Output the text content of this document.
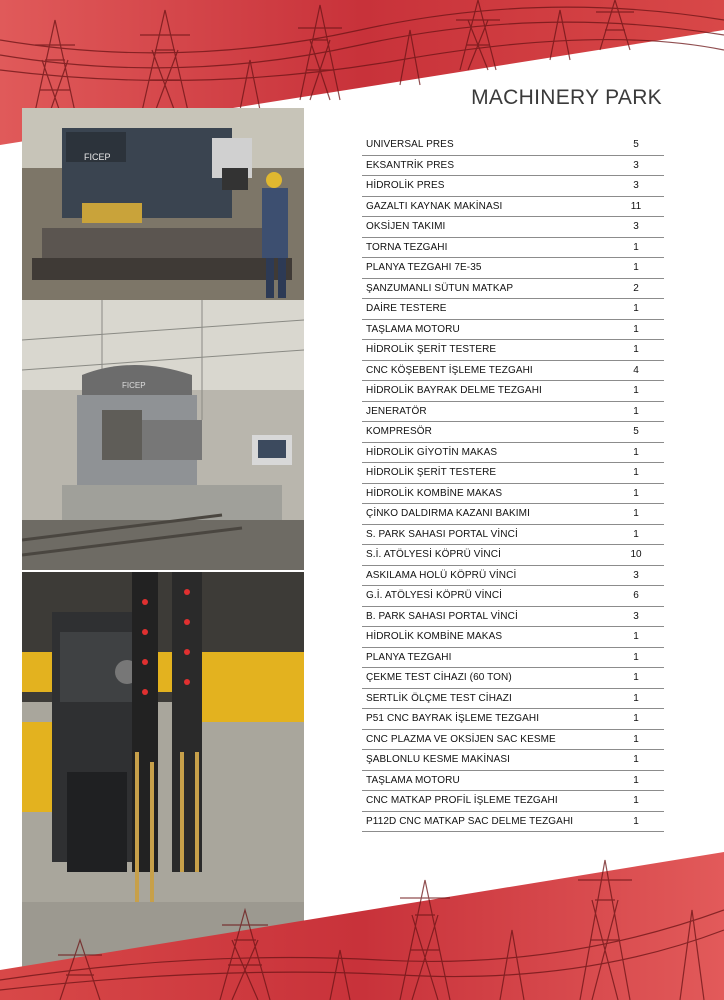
MACHINERY PARK
FICEP
FICEP
UNIVERSAL PRES	5
EKSANTRİK PRES	3
HİDROLİK PRES	3
GAZALTI KAYNAK MAKİNASI	11
OKSİJEN TAKIMI	3
TORNA TEZGAHI	1
PLANYA TEZGAHI 7E-35	1
ŞANZUMANLI SÜTUN MATKAP	2
DAİRE TESTERE	1
TAŞLAMA MOTORU	1
HİDROLİK ŞERİT TESTERE	1
CNC KÖŞEBENT İŞLEME TEZGAHI	4
HİDROLİK BAYRAK DELME TEZGAHI	1
JENERATÖR	1
KOMPRESÖR	5
HİDROLİK GİYOTİN MAKAS	1
HİDROLİK ŞERİT TESTERE	1
HİDROLİK KOMBİNE MAKAS	1
ÇİNKO DALDIRMA KAZANI BAKIMI	1
S. PARK SAHASI PORTAL VİNCİ	1
S.İ. ATÖLYESİ KÖPRÜ VİNCİ	10
ASKILAMA HOLÜ KÖPRÜ VİNCİ	3
G.İ. ATÖLYESİ KÖPRÜ VİNCİ	6
B. PARK SAHASI PORTAL VİNCİ	3
HİDROLİK KOMBİNE MAKAS	1
PLANYA TEZGAHI	1
ÇEKME TEST CİHAZI (60 TON)	1
SERTLİK ÖLÇME TEST CİHAZI	1
P51 CNC BAYRAK İŞLEME TEZGAHI	1
CNC PLAZMA VE OKSİJEN SAC KESME	1
ŞABLONLU KESME MAKİNASI	1
TAŞLAMA MOTORU	1
CNC MATKAP PROFİL İŞLEME TEZGAHI	1
P112D CNC MATKAP SAC DELME TEZGAHI	1
